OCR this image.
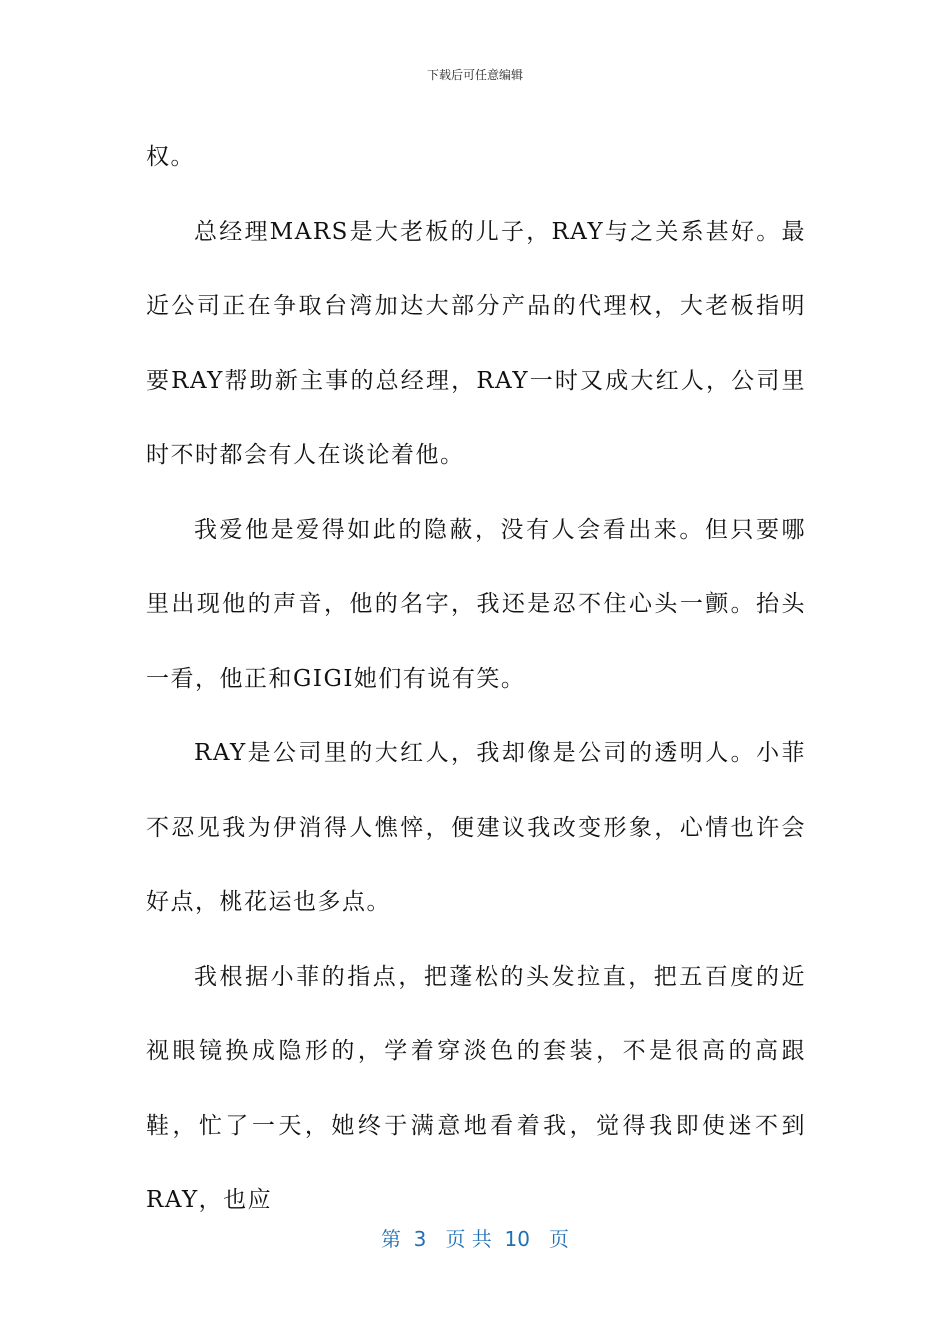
下载后可任意编辑

权。

总经理MARS是大老板的儿子，RAY与之关系甚好。最近公司正在争取台湾加达大部分产品的代理权，大老板指明要RAY帮助新主事的总经理，RAY一时又成大红人，公司里时不时都会有人在谈论着他。

我爱他是爱得如此的隐蔽，没有人会看出来。但只要哪里出现他的声音，他的名字，我还是忍不住心头一颤。抬头一看，他正和GIGI她们有说有笑。

RAY是公司里的大红人，我却像是公司的透明人。小菲不忍见我为伊消得人憔悴，便建议我改变形象，心情也许会好点，桃花运也多点。

我根据小菲的指点，把蓬松的头发拉直，把五百度的近视眼镜换成隐形的，学着穿淡色的套装，不是很高的高跟鞋，忙了一天，她终于满意地看着我，觉得我即使迷不到RAY，也应

第  3   页 共  10   页
